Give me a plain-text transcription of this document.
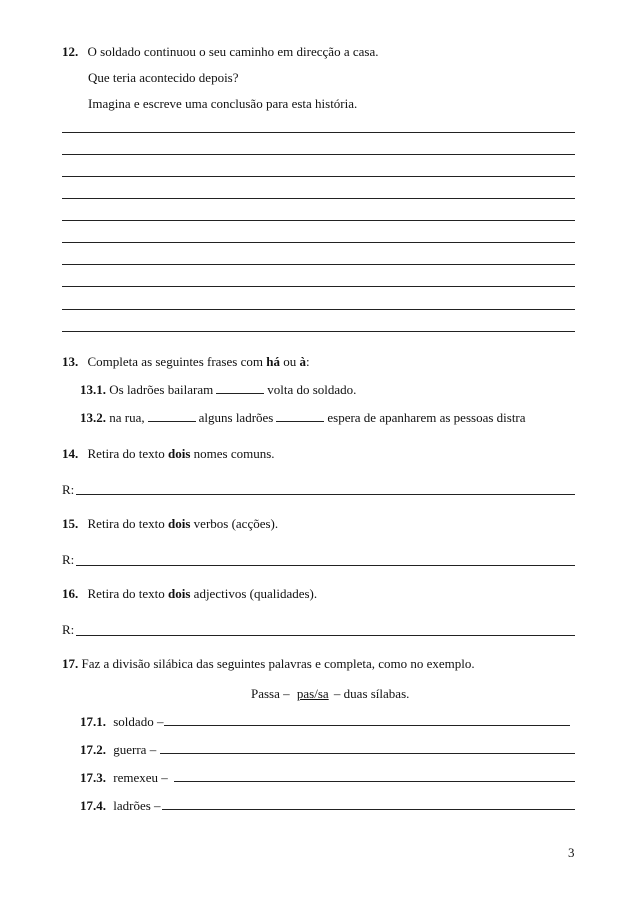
12. O soldado continuou o seu caminho em direcção a casa.
Que teria acontecido depois?
Imagina e escreve uma conclusão para esta história.
13. Completa as seguintes frases com há ou à:
13.1. Os ladrões bailaram	volta do soldado.
13.2. na rua,	alguns ladrões	espera de apanharem as pessoas distra
14. Retira do texto dois nomes comuns.
R:
15. Retira do texto dois verbos (acções).
R:
16. Retira do texto dois adjectivos (qualidades).
R:
17. Faz a divisão silábica das seguintes palavras e completa, como no exemplo.
Passa – pas/sa – duas sílabas.
17.1. soldado –
17.2. guerra –
17.3. remexeu –
17.4. ladrões –
3
